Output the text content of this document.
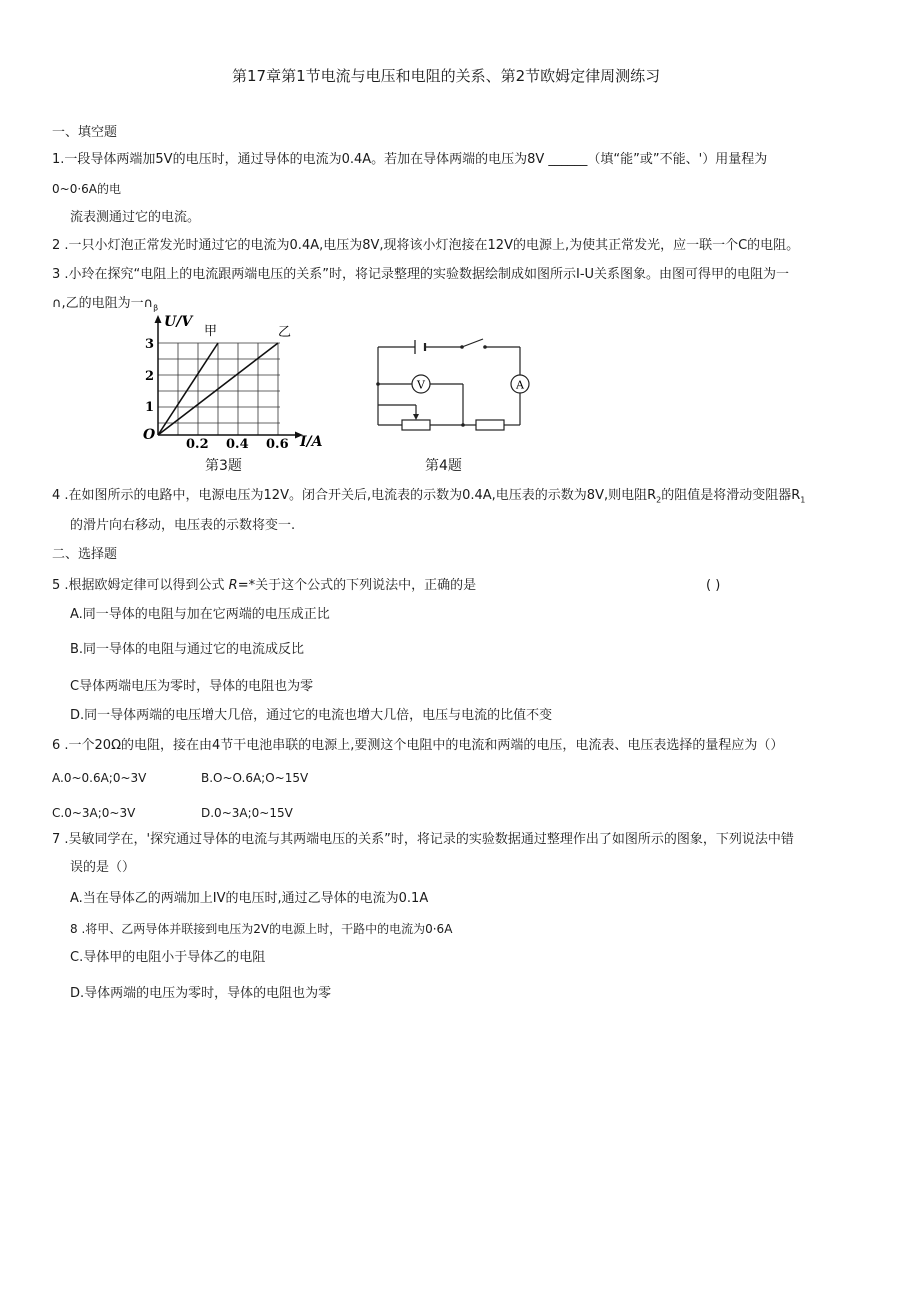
第17章第1节电流与电压和电阻的关系、第2节欧姆定律周测练习
一、填空题
1.一段导体两端加5V的电压时，通过导体的电流为0.4A。若加在导体两端的电压为8V ______（填“能”或”不能、'）用量程为
0~0·6A的电
流表测通过它的电流。
2 .一只小灯泡正常发光时通过它的电流为0.4A,电压为8V,现将该小灯泡接在12V的电源上,为使其正常发光，应一联一个C的电阻。
3 .小玲在探究“电阻上的电流跟两端电压的关系”时，将记录整理的实验数据绘制成如图所示I-U关系图象。由图可得甲的电阻为一
∩,乙的电阻为一$\cap_\beta$
U/V
I/A
O
1
2
3
0.2 0.4 0.6
甲	乙
第3题
V	A
第4题
4 .在如图所示的电路中，电源电压为12V。闭合开关后,电流表的示数为0.4A,电压表的示数为8V,则电阻$R_2$的阻值是将滑动变阻器$R_1$
的滑片向右移动，电压表的示数将变一.
二、选择题
5 .根据欧姆定律可以得到公式 R=*关于这个公式的下列说法中，正确的是	( )
A.同一导体的电阻与加在它两端的电压成正比
B.同一导体的电阻与通过它的电流成反比
C导体两端电压为零时，导体的电阻也为零
D.同一导体两端的电压增大几倍，通过它的电流也增大几倍，电压与电流的比值不变
6 .一个20Ω的电阻，接在由4节干电池串联的电源上,要测这个电阻中的电流和两端的电压，电流表、电压表选择的量程应为（）
A.0~0.6A;0~3V	B.O~O.6A;O~15V
C.0~3A;0~3V	D.0~3A;0~15V
7 .吴敏同学在，'探究通过导体的电流与其两端电压的关系”时，将记录的实验数据通过整理作出了如图所示的图象，下列说法中错
误的是（）
A.当在导体乙的两端加上IV的电压时,通过乙导体的电流为0.1A
8 .将甲、乙两导体并联接到电压为2V的电源上时，干路中的电流为0·6A
C.导体甲的电阻小于导体乙的电阻
D.导体两端的电压为零时，导体的电阻也为零
